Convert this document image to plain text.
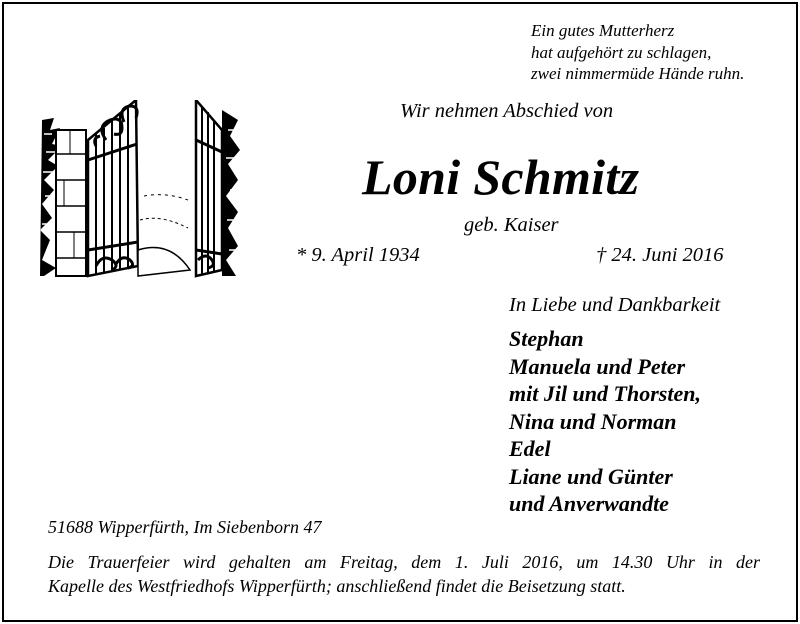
Ein gutes Mutterherz
hat aufgehört zu schlagen,
zwei nimmermüde Hände ruhn.
Wir nehmen Abschied von
Loni Schmitz
geb. Kaiser
* 9. April 1934	† 24. Juni 2016
In Liebe und Dankbarkeit
Stephan
Manuela und Peter
mit Jil und Thorsten,
Nina und Norman
Edel
Liane und Günter
und Anverwandte
51688 Wipperfürth, Im Siebenborn 47
Die Trauerfeier wird gehalten am Freitag, dem 1. Juli 2016, um 14.30 Uhr in der
Kapelle des Westfriedhofs Wipperfürth; anschließend findet die Beisetzung statt.
